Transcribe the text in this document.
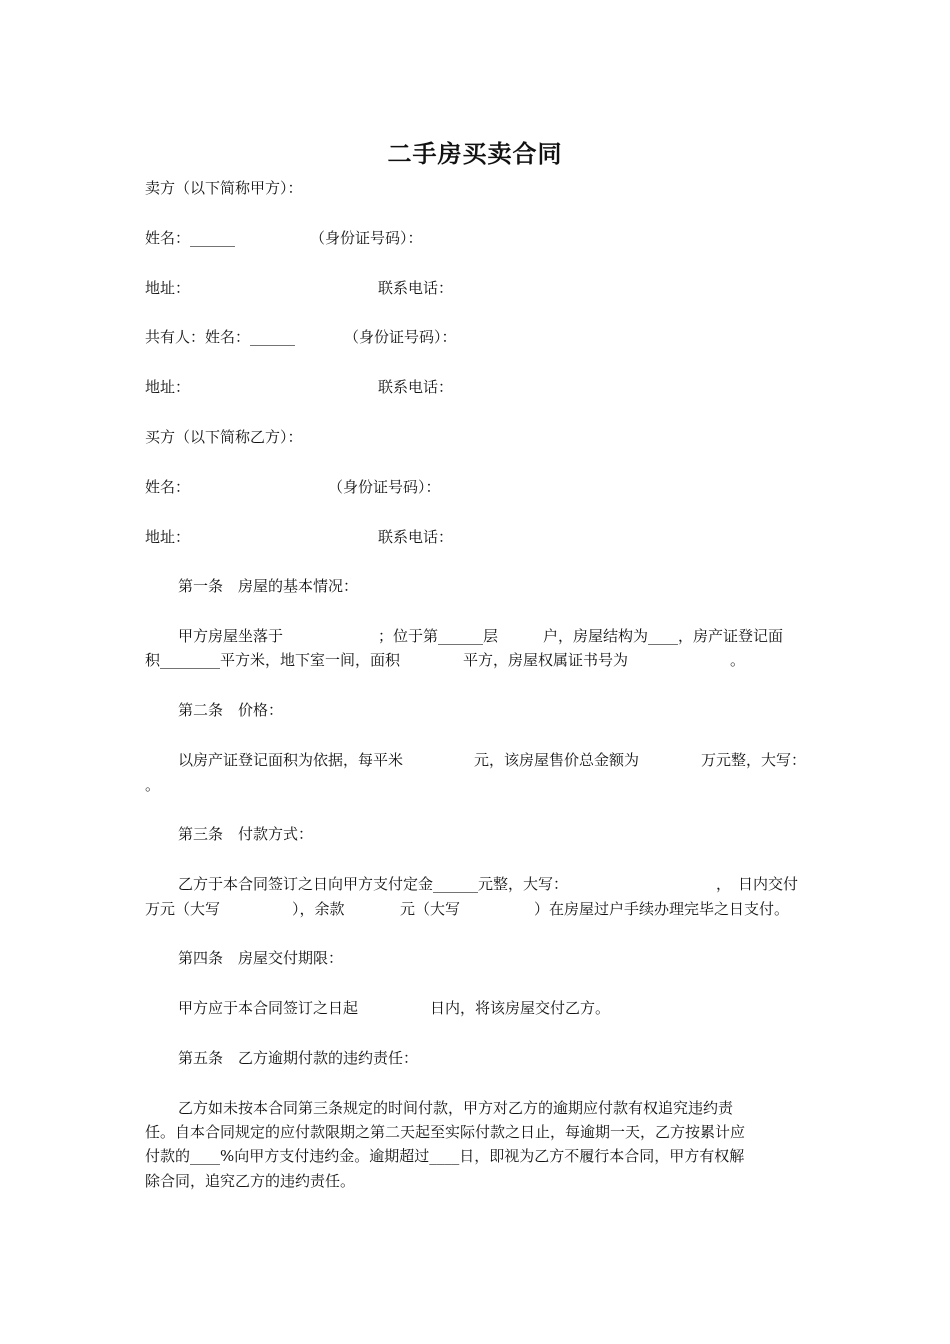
二手房买卖合同
卖方（以下简称甲方）：
姓名：______	（身份证号码）：
地址：	联系电话：
共有人：姓名：______	（身份证号码）：
地址：	联系电话：
买方（以下简称乙方）：
姓名：	（身份证号码）：
地址：	联系电话：
第一条　房屋的基本情况：
甲方房屋坐落于	；位于第______层	户，房屋结构为____，房产证登记面
积________平方米，地下室一间，面积	平方，房屋权属证书号为	。
第二条　价格：
以房产证登记面积为依据，每平米	元，该房屋售价总金额为	万元整，大写：
。
第三条　付款方式：
乙方于本合同签订之日向甲方支付定金______元整，大写：	， 日内交付
万元（大写	），余款	元（大写	）在房屋过户手续办理完毕之日支付。
第四条　房屋交付期限：
甲方应于本合同签订之日起	日内，将该房屋交付乙方。
第五条　乙方逾期付款的违约责任：
乙方如未按本合同第三条规定的时间付款，甲方对乙方的逾期应付款有权追究违约责
任。自本合同规定的应付款限期之第二天起至实际付款之日止，每逾期一天，乙方按累计应
付款的____%向甲方支付违约金。逾期超过____日，即视为乙方不履行本合同，甲方有权解
除合同，追究乙方的违约责任。
